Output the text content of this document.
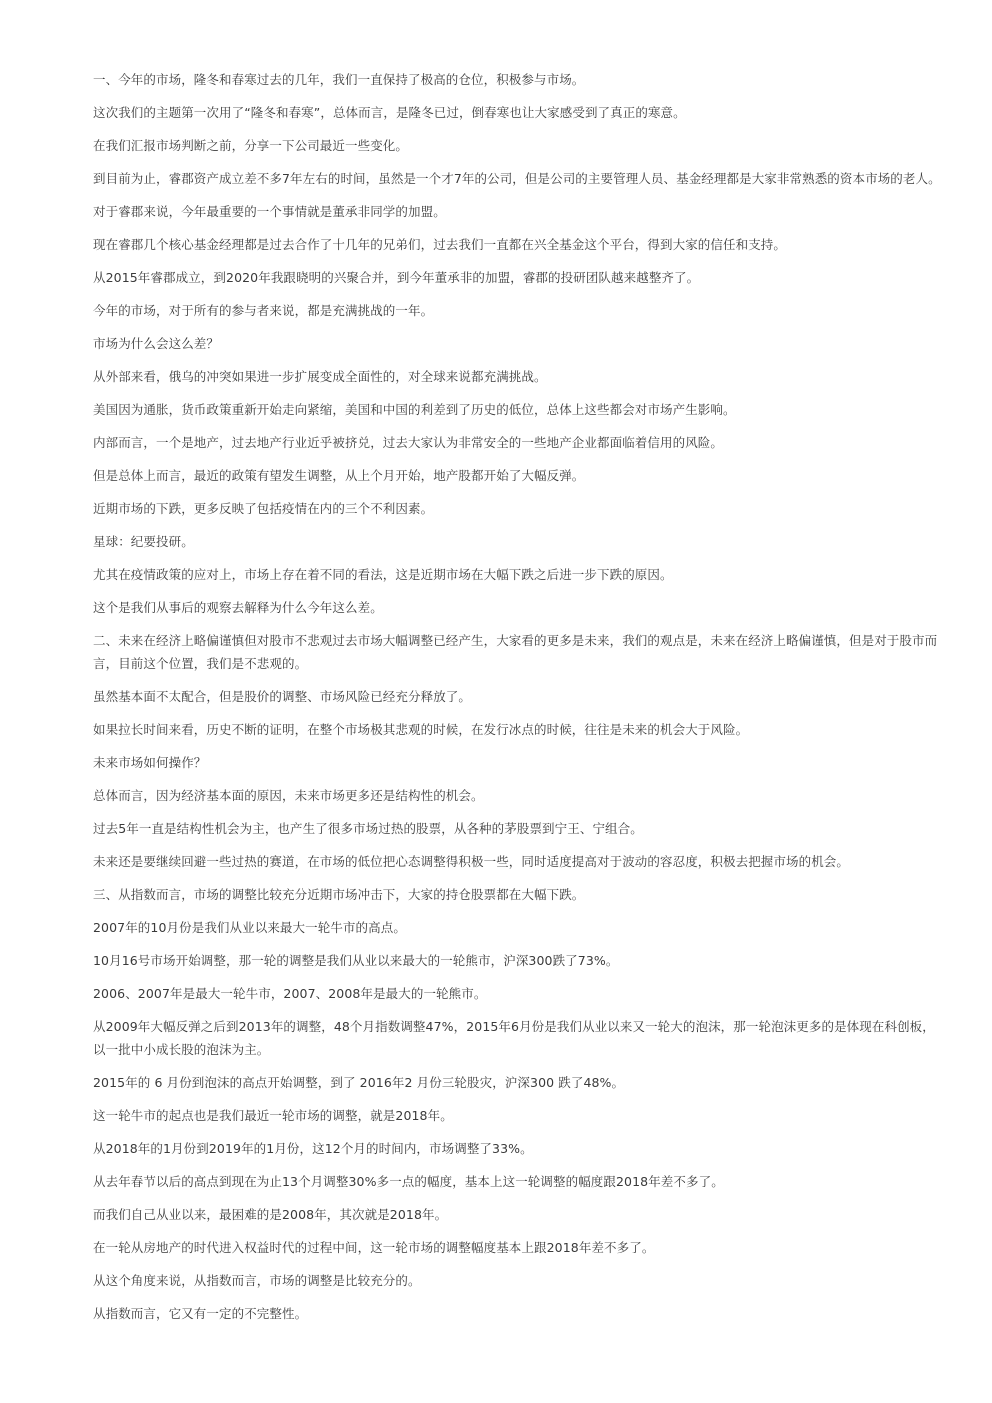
一、今年的市场，隆冬和春寒过去的几年，我们一直保持了极高的仓位，积极参与市场。

这次我们的主题第一次用了“隆冬和春寒”，总体而言，是隆冬已过，倒春寒也让大家感受到了真正的寒意。

在我们汇报市场判断之前，分享一下公司最近一些变化。

到目前为止，睿郡资产成立差不多7年左右的时间，虽然是一个才7年的公司，但是公司的主要管理人员、基金经理都是大家非常熟悉的资本市场的老人。

对于睿郡来说，今年最重要的一个事情就是董承非同学的加盟。

现在睿郡几个核心基金经理都是过去合作了十几年的兄弟们，过去我们一直都在兴全基金这个平台，得到大家的信任和支持。

从2015年睿郡成立，到2020年我跟晓明的兴聚合并，到今年董承非的加盟，睿郡的投研团队越来越整齐了。

今年的市场，对于所有的参与者来说，都是充满挑战的一年。

市场为什么会这么差？

从外部来看，俄乌的冲突如果进一步扩展变成全面性的，对全球来说都充满挑战。

美国因为通胀，货币政策重新开始走向紧缩，美国和中国的利差到了历史的低位，总体上这些都会对市场产生影响。

内部而言，一个是地产，过去地产行业近乎被挤兑，过去大家认为非常安全的一些地产企业都面临着信用的风险。

但是总体上而言，最近的政策有望发生调整，从上个月开始，地产股都开始了大幅反弹。

近期市场的下跌，更多反映了包括疫情在内的三个不利因素。

星球：纪要投研。

尤其在疫情政策的应对上，市场上存在着不同的看法，这是近期市场在大幅下跌之后进一步下跌的原因。

这个是我们从事后的观察去解释为什么今年这么差。

二、未来在经济上略偏谨慎但对股市不悲观过去市场大幅调整已经产生，大家看的更多是未来，我们的观点是，未来在经济上略偏谨慎，但是对于股市而言，目前这个位置，我们是不悲观的。

虽然基本面不太配合，但是股价的调整、市场风险已经充分释放了。

如果拉长时间来看，历史不断的证明，在整个市场极其悲观的时候，在发行冰点的时候，往往是未来的机会大于风险。

未来市场如何操作？

总体而言，因为经济基本面的原因，未来市场更多还是结构性的机会。

过去5年一直是结构性机会为主，也产生了很多市场过热的股票，从各种的茅股票到宁王、宁组合。

未来还是要继续回避一些过热的赛道，在市场的低位把心态调整得积极一些，同时适度提高对于波动的容忍度，积极去把握市场的机会。

三、从指数而言，市场的调整比较充分近期市场冲击下，大家的持仓股票都在大幅下跌。

2007年的10月份是我们从业以来最大一轮牛市的高点。

10月16号市场开始调整，那一轮的调整是我们从业以来最大的一轮熊市，沪深300跌了73%。

2006、2007年是最大一轮牛市，2007、2008年是最大的一轮熊市。

从2009年大幅反弹之后到2013年的调整，48个月指数调整47%，2015年6月份是我们从业以来又一轮大的泡沫，那一轮泡沫更多的是体现在科创板，以一批中小成长股的泡沫为主。

2015年的 6 月份到泡沫的高点开始调整，到了 2016年2 月份三轮股灾，沪深300 跌了48%。

这一轮牛市的起点也是我们最近一轮市场的调整，就是2018年。

从2018年的1月份到2019年的1月份，这12个月的时间内，市场调整了33%。

从去年春节以后的高点到现在为止13个月调整30%多一点的幅度，基本上这一轮调整的幅度跟2018年差不多了。

而我们自己从业以来，最困难的是2008年，其次就是2018年。

在一轮从房地产的时代进入权益时代的过程中间，这一轮市场的调整幅度基本上跟2018年差不多了。

从这个角度来说，从指数而言，市场的调整是比较充分的。

从指数而言，它又有一定的不完整性。
